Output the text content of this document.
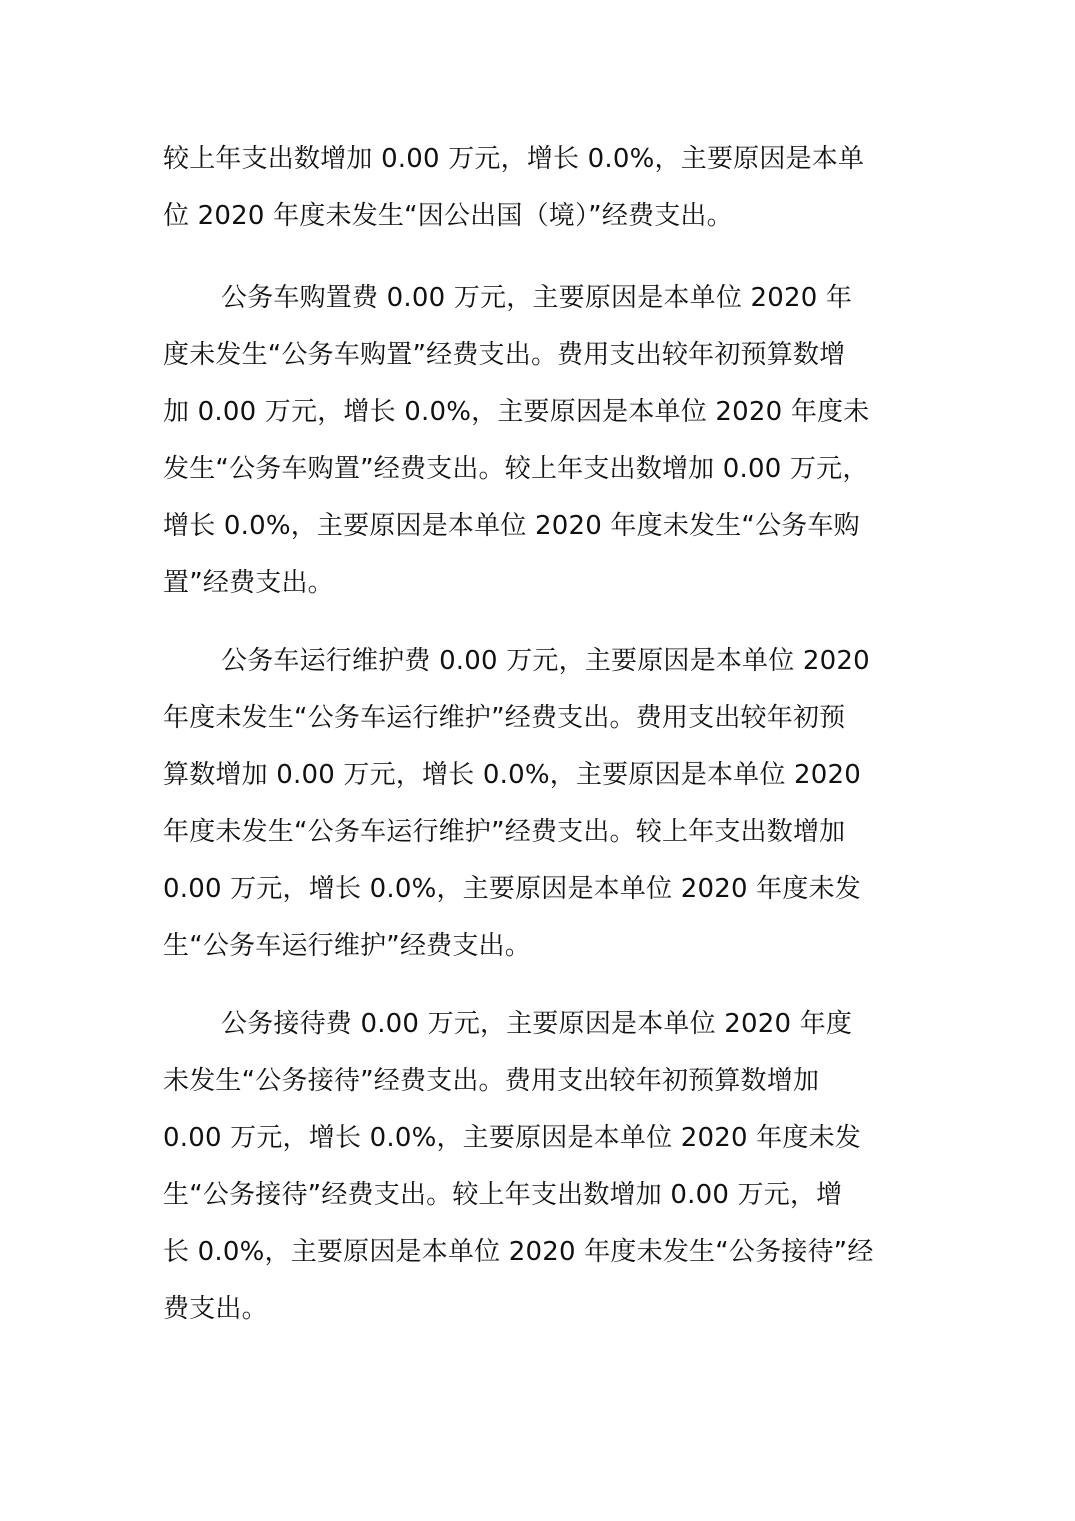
较上年支出数增加 0.00 万元，增长 0.0%，主要原因是本单
位 2020 年度未发生“因公出国（境）”经费支出。
公务车购置费 0.00 万元，主要原因是本单位 2020 年
度未发生“公务车购置”经费支出。费用支出较年初预算数增
加 0.00 万元，增长 0.0%，主要原因是本单位 2020 年度未
发生“公务车购置”经费支出。较上年支出数增加 0.00 万元，
增长 0.0%，主要原因是本单位 2020 年度未发生“公务车购
置”经费支出。
公务车运行维护费 0.00 万元，主要原因是本单位 2020
年度未发生“公务车运行维护”经费支出。费用支出较年初预
算数增加 0.00 万元，增长 0.0%，主要原因是本单位 2020
年度未发生“公务车运行维护”经费支出。较上年支出数增加
0.00 万元，增长 0.0%，主要原因是本单位 2020 年度未发
生“公务车运行维护”经费支出。
公务接待费 0.00 万元，主要原因是本单位 2020 年度
未发生“公务接待”经费支出。费用支出较年初预算数增加
0.00 万元，增长 0.0%，主要原因是本单位 2020 年度未发
生“公务接待”经费支出。较上年支出数增加 0.00 万元，增
长 0.0%，主要原因是本单位 2020 年度未发生“公务接待”经
费支出。
